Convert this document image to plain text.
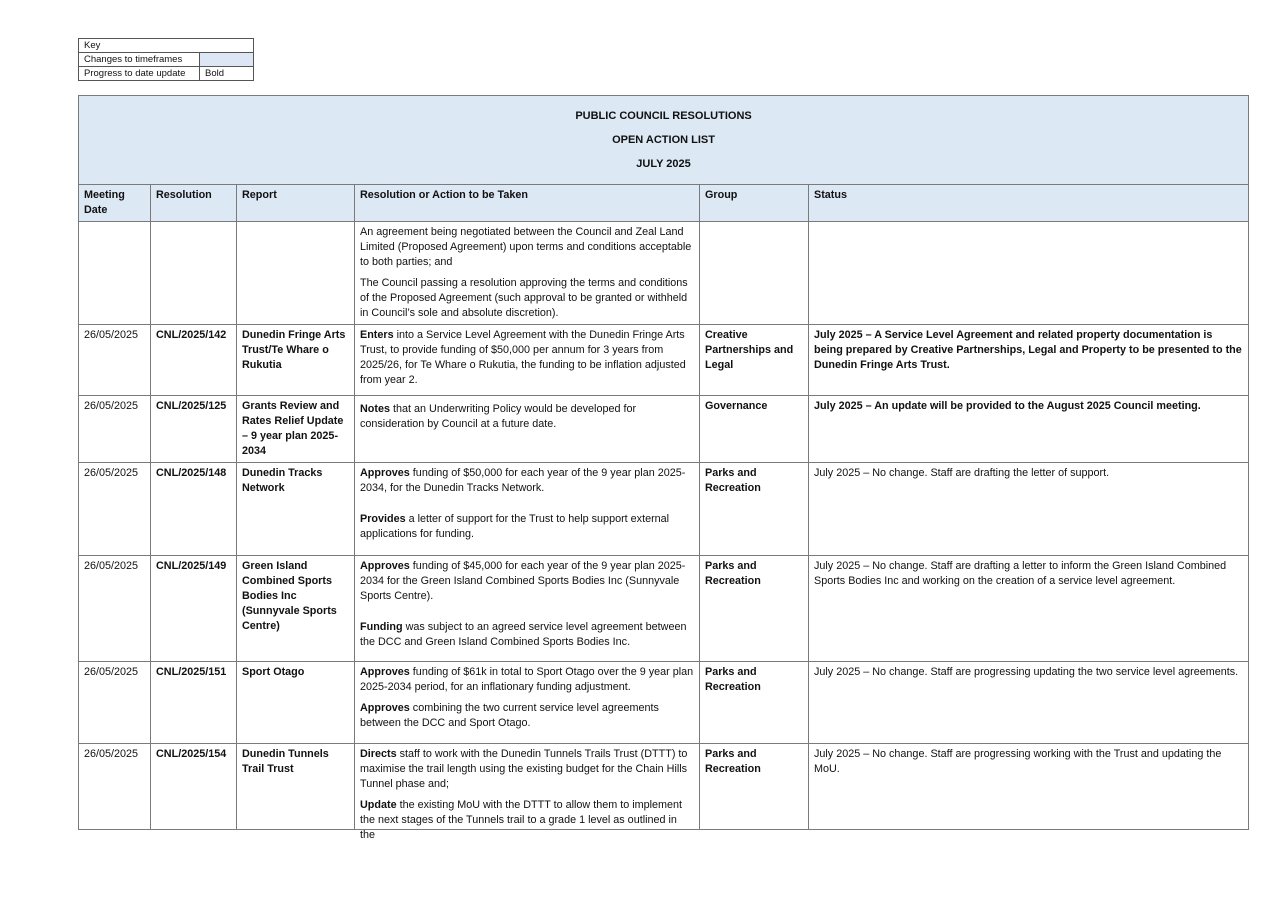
Key	
Changes to timeframes	
Progress to date update	Bold
PUBLIC COUNCIL RESOLUTIONS
OPEN ACTION LIST
JULY 2025					

Meeting Date	Resolution	Report	Resolution or Action to be Taken	Group	Status

			An agreement being negotiated between the Council and Zeal Land Limited (Proposed Agreement) upon terms and conditions acceptable to both parties; and

The Council passing a resolution approving the terms and conditions of the Proposed Agreement (such approval to be granted or withheld in Council’s sole and absolute discretion).		

26/05/2025	CNL/2025/142	Dunedin Fringe Arts Trust/Te Whare o Rukutia	Enters into a Service Level Agreement with the Dunedin Fringe Arts Trust, to provide funding of $50,000 per annum for 3 years from 2025/26, for Te Whare o Rukutia, the funding to be inflation adjusted from year 2.	Creative Partnerships and Legal	July 2025 – A Service Level Agreement and related property documentation is being prepared by Creative Partnerships, Legal and Property to be presented to the Dunedin Fringe Arts Trust.
26/05/2025	CNL/2025/125	Grants Review and Rates Relief Update – 9 year plan 2025-2034	Notes that an Underwriting Policy would be developed for consideration by Council at a future date.	Governance	July 2025 – An update will be provided to the August 2025 Council meeting.
26/05/2025	CNL/2025/148	Dunedin Tracks Network	Approves funding of $50,000 for each year of the 9 year plan 2025-2034, for the Dunedin Tracks Network.

Provides a letter of support for the Trust to help support external applications for funding.	Parks and Recreation	July 2025 – No change. Staff are drafting the letter of support.
26/05/2025	CNL/2025/149	Green Island Combined Sports Bodies Inc (Sunnyvale Sports Centre)	Approves funding of $45,000 for each year of the 9 year plan 2025-2034 for the Green Island Combined Sports Bodies Inc (Sunnyvale Sports Centre).

Funding was subject to an agreed service level agreement between the DCC and Green Island Combined Sports Bodies Inc.	Parks and Recreation	July 2025 – No change. Staff are drafting a letter to inform the Green Island Combined Sports Bodies Inc and working on the creation of a service level agreement.
26/05/2025	CNL/2025/151	Sport Otago	Approves funding of $61k in total to Sport Otago over the 9 year plan 2025-2034 period, for an inflationary funding adjustment.

Approves combining the two current service level agreements between the DCC and Sport Otago.	Parks and Recreation	July 2025 – No change. Staff are progressing updating the two service level agreements.
26/05/2025	CNL/2025/154	Dunedin Tunnels Trail Trust	Directs staff to work with the Dunedin Tunnels Trails Trust (DTTT) to maximise the trail length using the existing budget for the Chain Hills Tunnel phase and;

Update the existing MoU with the DTTT to allow them to implement the next stages of the Tunnels trail to a grade 1 level as outlined in the	Parks and Recreation	July 2025 – No change. Staff are progressing working with the Trust and updating the MoU.
